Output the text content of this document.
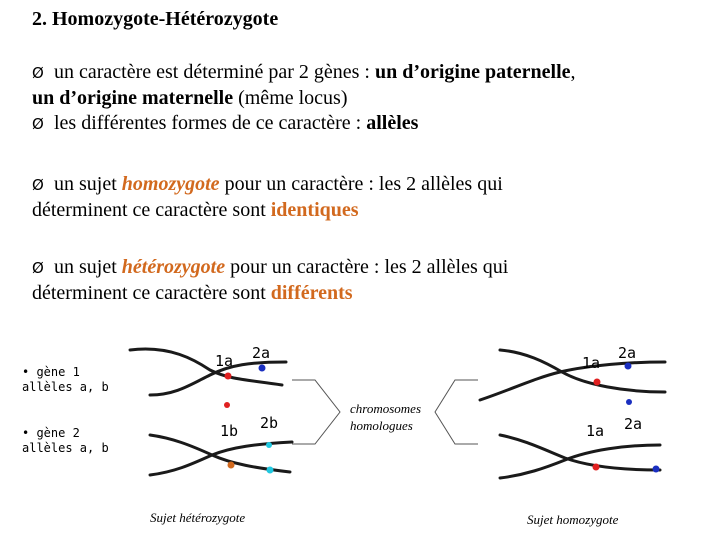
2. Homozygote-Hétérozygote
Ø un caractère est déterminé par 2 gènes : un d’origine paternelle,
un d’origine maternelle (même locus)
Ø les différentes formes de ce caractère : allèles
Ø un sujet homozygote pour un caractère : les 2 allèles qui
déterminent ce caractère sont identiques
Ø un sujet hétérozygote pour un caractère : les 2 allèles qui
déterminent ce caractère sont différents
• gène 1
allèles a, b
• gène 2
allèles a, b
1a 2a
1b 2b
1a
2a
1a 2a
chromosomes
homologues
Sujet hétérozygote	Sujet homozygote
